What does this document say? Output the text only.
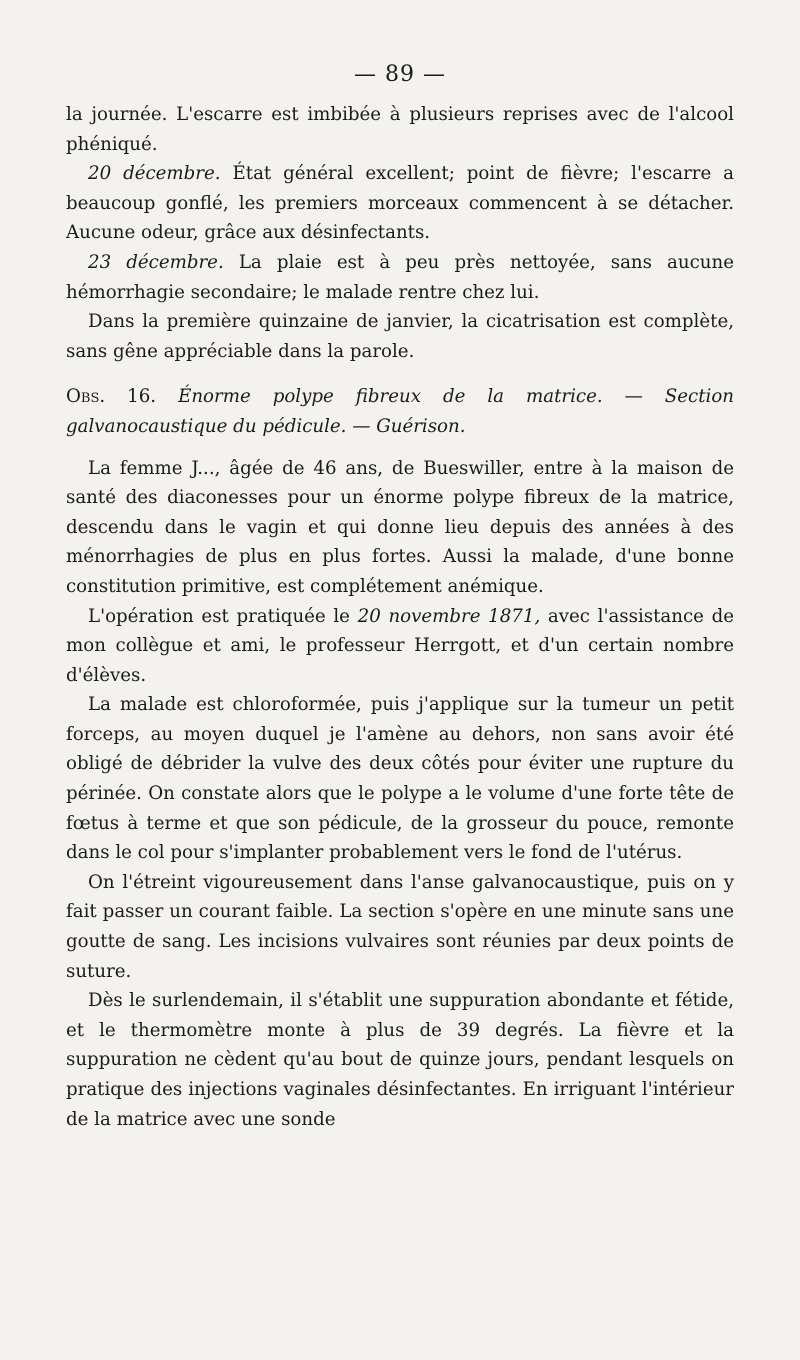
— 89 —

la journée. L'escarre est imbibée à plusieurs reprises avec de l'alcool phéniqué.

20 décembre. État général excellent; point de fièvre; l'escarre a beaucoup gonflé, les premiers morceaux commencent à se détacher. Aucune odeur, grâce aux désinfectants.

23 décembre. La plaie est à peu près nettoyée, sans aucune hémorrhagie secondaire; le malade rentre chez lui.

Dans la première quinzaine de janvier, la cicatrisation est complète, sans gêne appréciable dans la parole.

Obs. 16. Énorme polype fibreux de la matrice. — Section galvanocaustique du pédicule. — Guérison.

La femme J..., âgée de 46 ans, de Bueswiller, entre à la maison de santé des diaconesses pour un énorme polype fibreux de la matrice, descendu dans le vagin et qui donne lieu depuis des années à des ménorrhagies de plus en plus fortes. Aussi la malade, d'une bonne constitution primitive, est complétement anémique.

L'opération est pratiquée le 20 novembre 1871, avec l'assistance de mon collègue et ami, le professeur Herrgott, et d'un certain nombre d'élèves.

La malade est chloroformée, puis j'applique sur la tumeur un petit forceps, au moyen duquel je l'amène au dehors, non sans avoir été obligé de débrider la vulve des deux côtés pour éviter une rupture du périnée. On constate alors que le polype a le volume d'une forte tête de fœtus à terme et que son pédicule, de la grosseur du pouce, remonte dans le col pour s'implanter probablement vers le fond de l'utérus.

On l'étreint vigoureusement dans l'anse galvanocaustique, puis on y fait passer un courant faible. La section s'opère en une minute sans une goutte de sang. Les incisions vulvaires sont réunies par deux points de suture.

Dès le surlendemain, il s'établit une suppuration abondante et fétide, et le thermomètre monte à plus de 39 degrés. La fièvre et la suppuration ne cèdent qu'au bout de quinze jours, pendant lesquels on pratique des injections vaginales désinfectantes. En irriguant l'intérieur de la matrice avec une sonde
